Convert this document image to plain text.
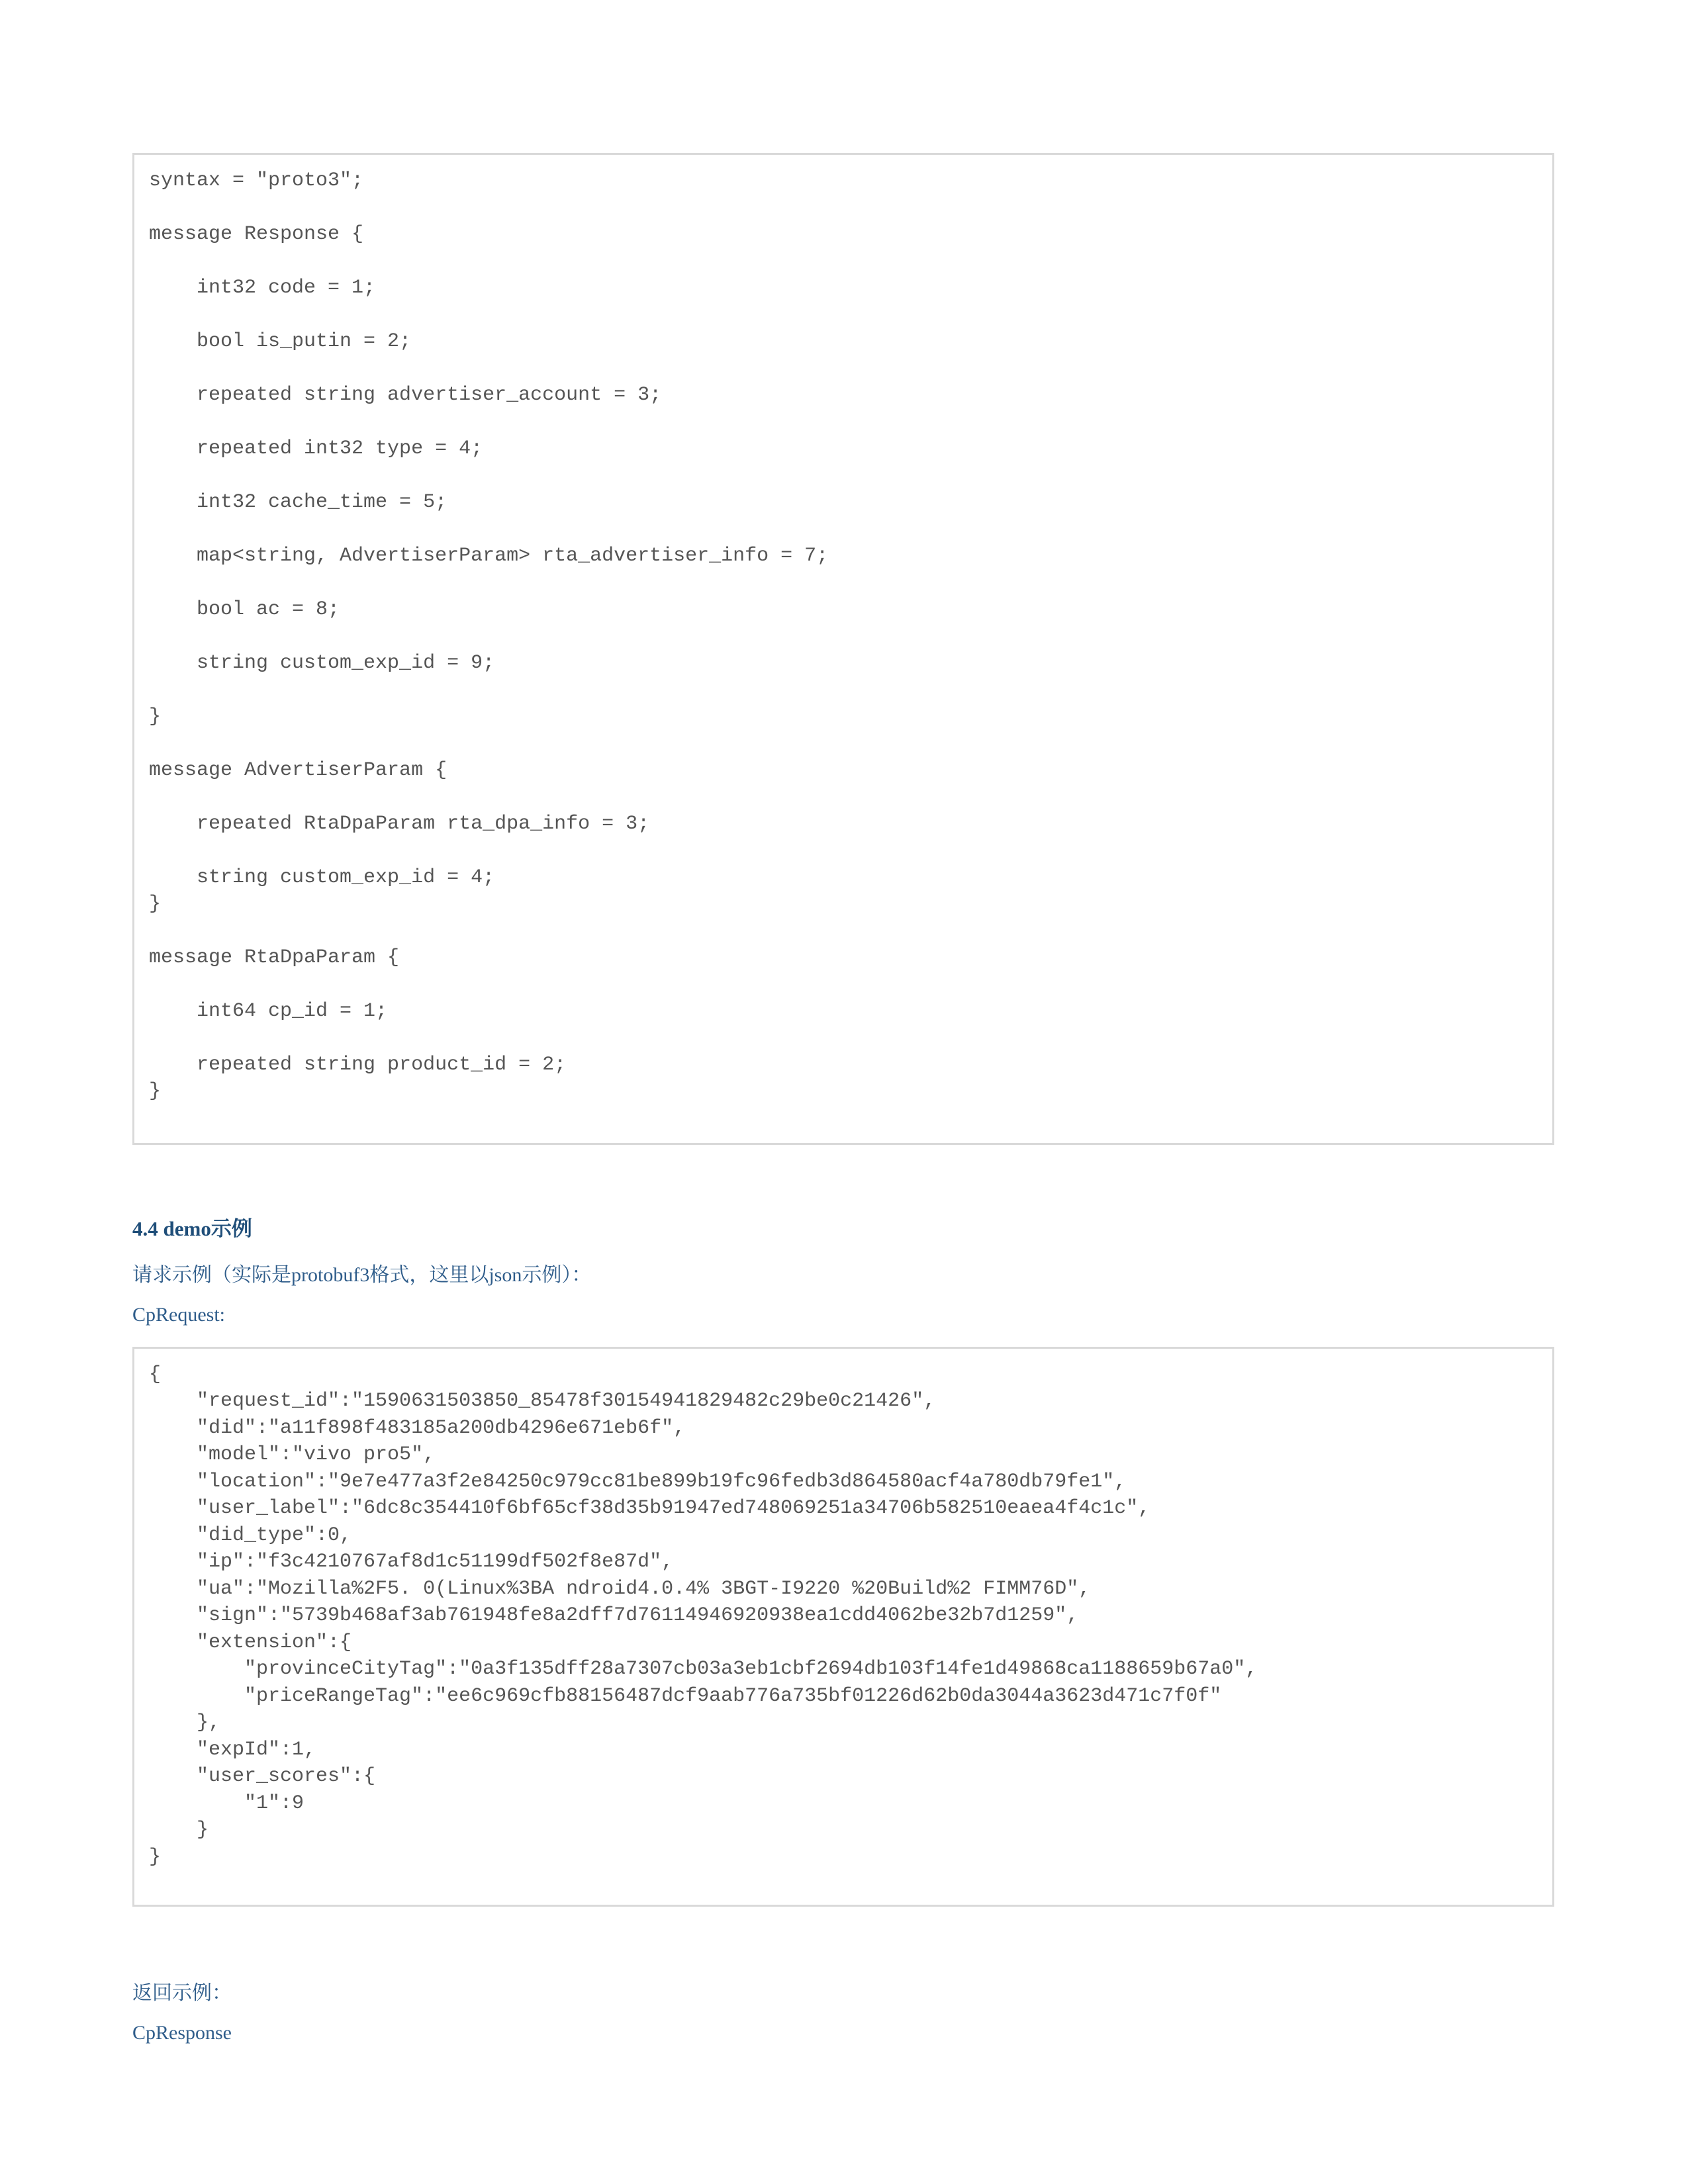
syntax = "proto3";
message Response {
int32 code = 1;
bool is_putin = 2;
repeated string advertiser_account = 3;
repeated int32 type = 4;
int32 cache_time = 5;
map<string, AdvertiserParam> rta_advertiser_info = 7;
bool ac = 8;
string custom_exp_id = 9;
}
message AdvertiserParam {
repeated RtaDpaParam rta_dpa_info = 3;
string custom_exp_id = 4;
}
message RtaDpaParam {
int64 cp_id = 1;
repeated string product_id = 2;
}
4.4 demo示例
请求示例（实际是protobuf3格式，这里以json示例）：
CpRequest:
{
"request_id":"1590631503850_85478f30154941829482c29be0c21426",
"did":"a11f898f483185a200db4296e671eb6f",
"model":"vivo pro5",
"location":"9e7e477a3f2e84250c979cc81be899b19fc96fedb3d864580acf4a780db79fe1",
"user_label":"6dc8c354410f6bf65cf38d35b91947ed748069251a34706b582510eaea4f4c1c",
"did_type":0,
"ip":"f3c4210767af8d1c51199df502f8e87d",
"ua":"Mozilla%2F5. 0(Linux%3BA ndroid4.0.4% 3BGT-I9220 %20Build%2 FIMM76D",
"sign":"5739b468af3ab761948fe8a2dff7d76114946920938ea1cdd4062be32b7d1259",
"extension":{
"provinceCityTag":"0a3f135dff28a7307cb03a3eb1cbf2694db103f14fe1d49868ca1188659b67a0",
"priceRangeTag":"ee6c969cfb88156487dcf9aab776a735bf01226d62b0da3044a3623d471c7f0f"
},
"expId":1,
"user_scores":{
"1":9
}
}
返回示例：
CpResponse
